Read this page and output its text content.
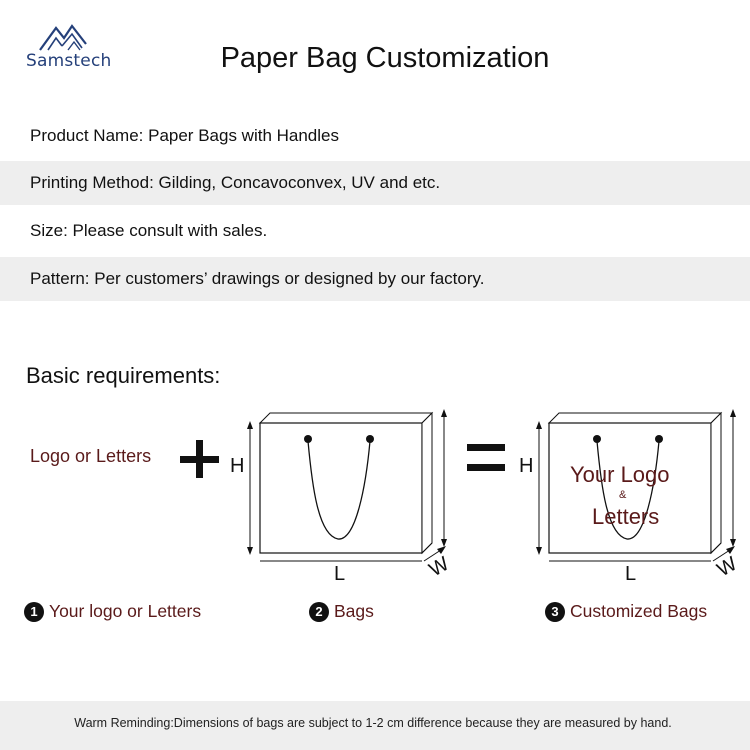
Samstech	Paper Bag Customization
Product Name: Paper Bags with Handles
Printing Method: Gilding, Concavoconvex, UV and etc.
Size: Please consult with sales.
Pattern: Per customers’ drawings or designed by our factory.
Basic requirements:
Logo or Letters	H
L	W
H
L	W
Your Logo
&
Letters
1 Your logo or Letters	2 Bags	3 Customized Bags
Warm Reminding:Dimensions of bags are subject to 1-2 cm difference because they are measured by hand.
